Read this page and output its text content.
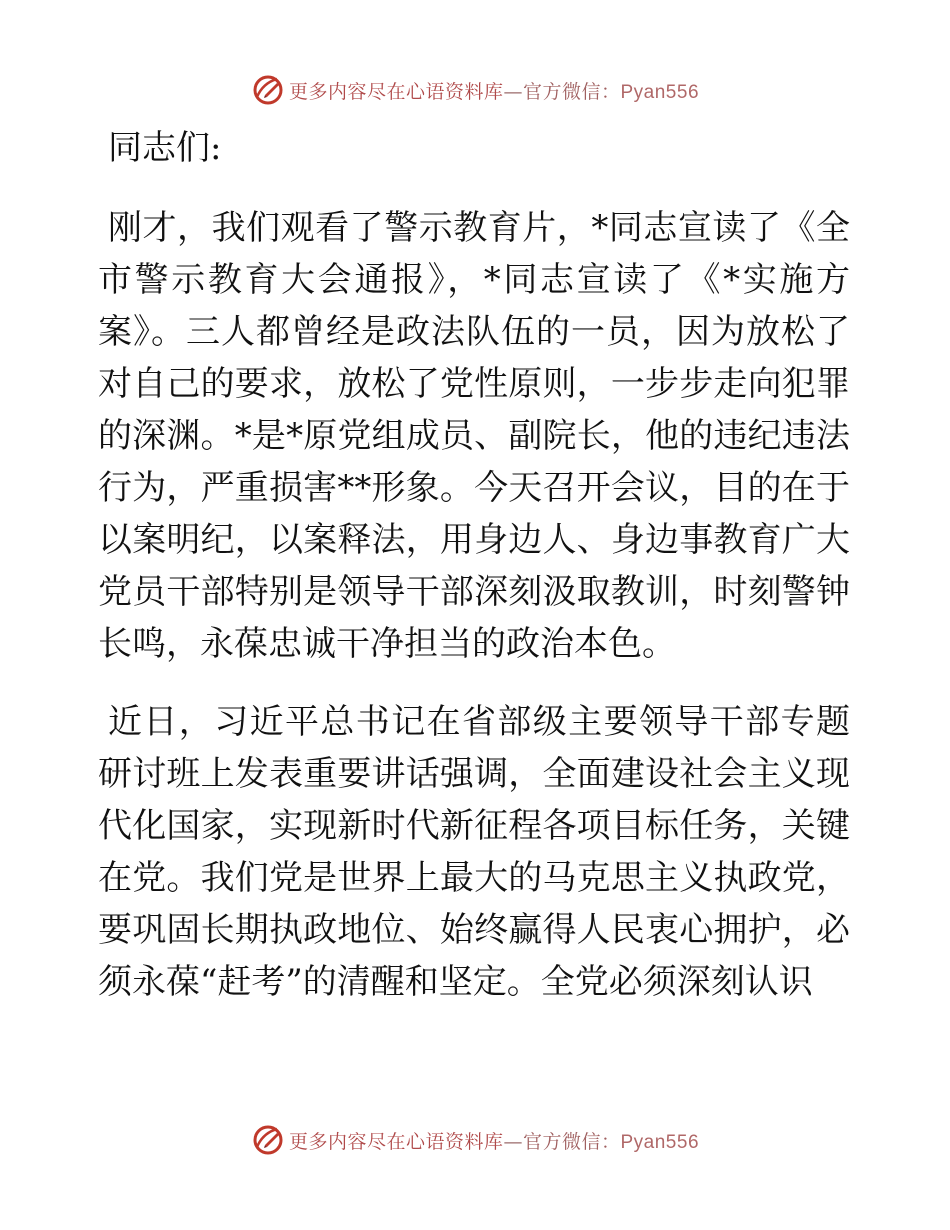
更多内容尽在心语资料库—官方微信：Pyan556

同志们:

刚才，我们观看了警示教育片，*同志宣读了《全市警示教育大会通报》，*同志宣读了《*实施方案》。三人都曾经是政法队伍的一员，因为放松了对自己的要求，放松了党性原则，一步步走向犯罪的深渊。*是*原党组成员、副院长，他的违纪违法行为，严重损害**形象。今天召开会议，目的在于以案明纪，以案释法，用身边人、身边事教育广大党员干部特别是领导干部深刻汲取教训，时刻警钟长鸣，永葆忠诚干净担当的政治本色。

近日，习近平总书记在省部级主要领导干部专题研讨班上发表重要讲话强调，全面建设社会主义现代化国家，实现新时代新征程各项目标任务，关键在党。我们党是世界上最大的马克思主义执政党，要巩固长期执政地位、始终赢得人民衷心拥护，必须永葆“赶考”的清醒和坚定。全党必须深刻认识

更多内容尽在心语资料库—官方微信：Pyan556
